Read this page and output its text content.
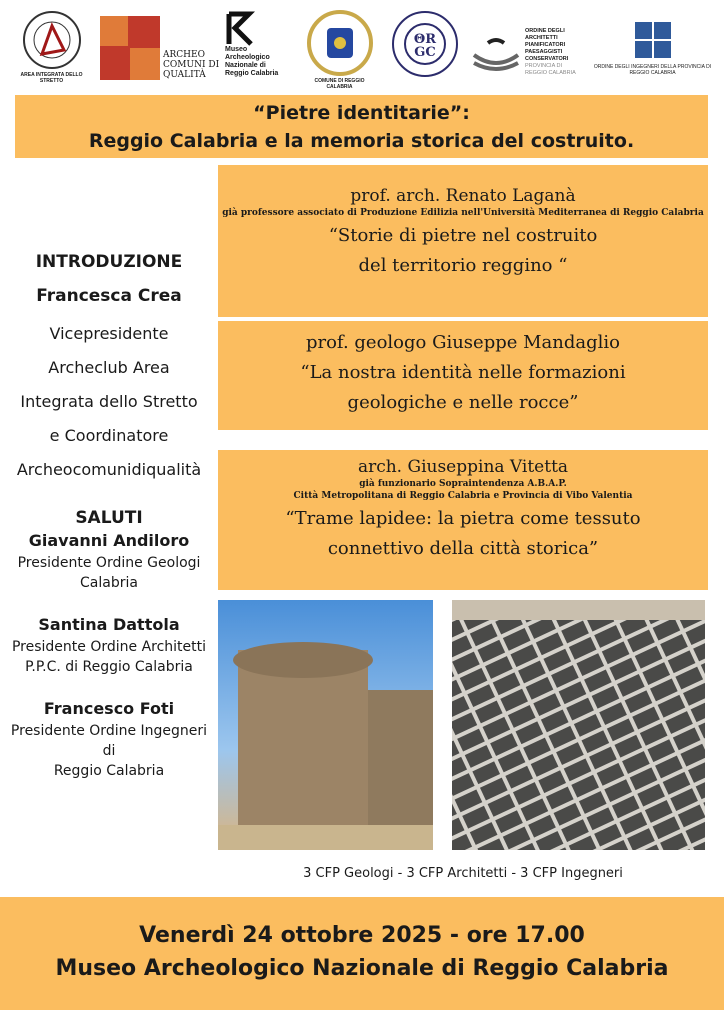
AREA INTEGRATA DELLO STRETTO
ARCHEO COMUNI DI QUALITÀ
Museo Archeologico Nazionale di Reggio Calabria
COMUNE DI REGGIO CALABRIA
ΘR
GC
ORDINE DEGLI ARCHITETTI PIANIFICATORI PAESAGGISTI CONSERVATORI
PROVINCIA DI REGGIO CALABRIA
ORDINE DEGLI INGEGNERI DELLA PROVINCIA DI REGGIO CALABRIA
“Pietre identitarie”:
Reggio Calabria e la memoria storica del costruito.
prof. arch. Renato Laganà
già professore associato di Produzione Edilizia nell'Università Mediterranea di Reggio Calabria
“Storie di pietre nel costruito
del territorio reggino “
prof. geologo Giuseppe Mandaglio
“La nostra identità nelle formazioni
geologiche e nelle rocce”
arch. Giuseppina Vitetta
già funzionario Sopraintendenza A.B.A.P.
Città Metropolitana di Reggio Calabria e Provincia di Vibo Valentia
“Trame lapidee: la pietra come tessuto
connettivo della città storica”
INTRODUZIONE
Francesca Crea
Vicepresidente
Archeclub Area
Integrata dello Stretto
e Coordinatore
Archeocomunidiqualità
SALUTI
Giavanni Andiloro
Presidente Ordine Geologi
Calabria
Santina Dattola
Presidente Ordine Architetti
P.P.C. di Reggio Calabria
Francesco Foti
Presidente Ordine Ingegneri
di
Reggio Calabria
3 CFP Geologi - 3 CFP Architetti - 3 CFP Ingegneri
Venerdì 24 ottobre 2025 - ore 17.00
Museo Archeologico Nazionale di Reggio Calabria
